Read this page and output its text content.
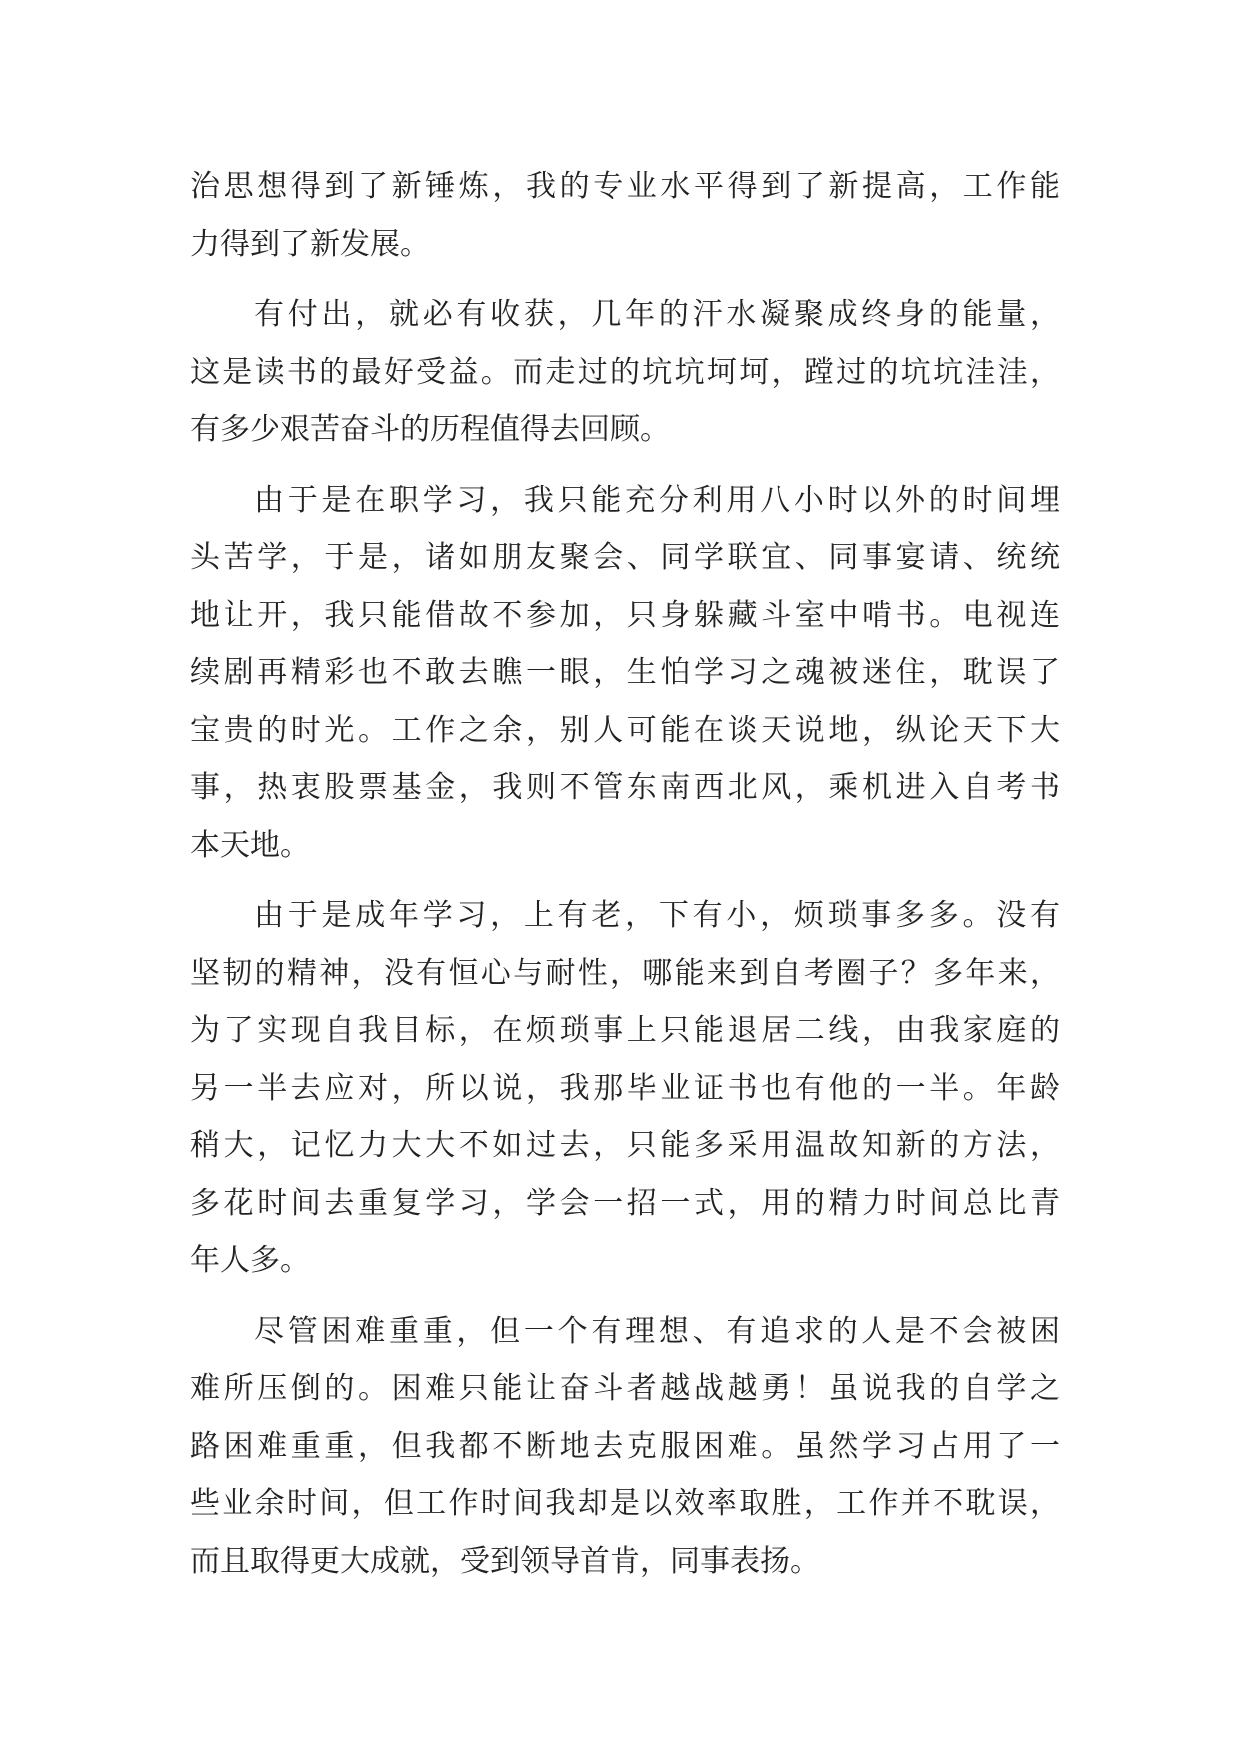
治思想得到了新锤炼，我的专业水平得到了新提高，工作能
力得到了新发展。

有付出，就必有收获，几年的汗水凝聚成终身的能量，
这是读书的最好受益。而走过的坑坑坷坷，蹚过的坑坑洼洼，
有多少艰苦奋斗的历程值得去回顾。

由于是在职学习，我只能充分利用八小时以外的时间埋
头苦学，于是，诸如朋友聚会、同学联宜、同事宴请、统统
地让开，我只能借故不参加，只身躲藏斗室中啃书。电视连
续剧再精彩也不敢去瞧一眼，生怕学习之魂被迷住，耽误了
宝贵的时光。工作之余，别人可能在谈天说地，纵论天下大
事，热衷股票基金，我则不管东南西北风，乘机进入自考书
本天地。

由于是成年学习，上有老，下有小，烦琐事多多。没有
坚韧的精神，没有恒心与耐性，哪能来到自考圈子？多年来，
为了实现自我目标，在烦琐事上只能退居二线，由我家庭的
另一半去应对，所以说，我那毕业证书也有他的一半。年龄
稍大，记忆力大大不如过去，只能多采用温故知新的方法，
多花时间去重复学习，学会一招一式，用的精力时间总比青
年人多。

尽管困难重重，但一个有理想、有追求的人是不会被困
难所压倒的。困难只能让奋斗者越战越勇！虽说我的自学之
路困难重重，但我都不断地去克服困难。虽然学习占用了一
些业余时间，但工作时间我却是以效率取胜，工作并不耽误，
而且取得更大成就，受到领导首肯，同事表扬。
